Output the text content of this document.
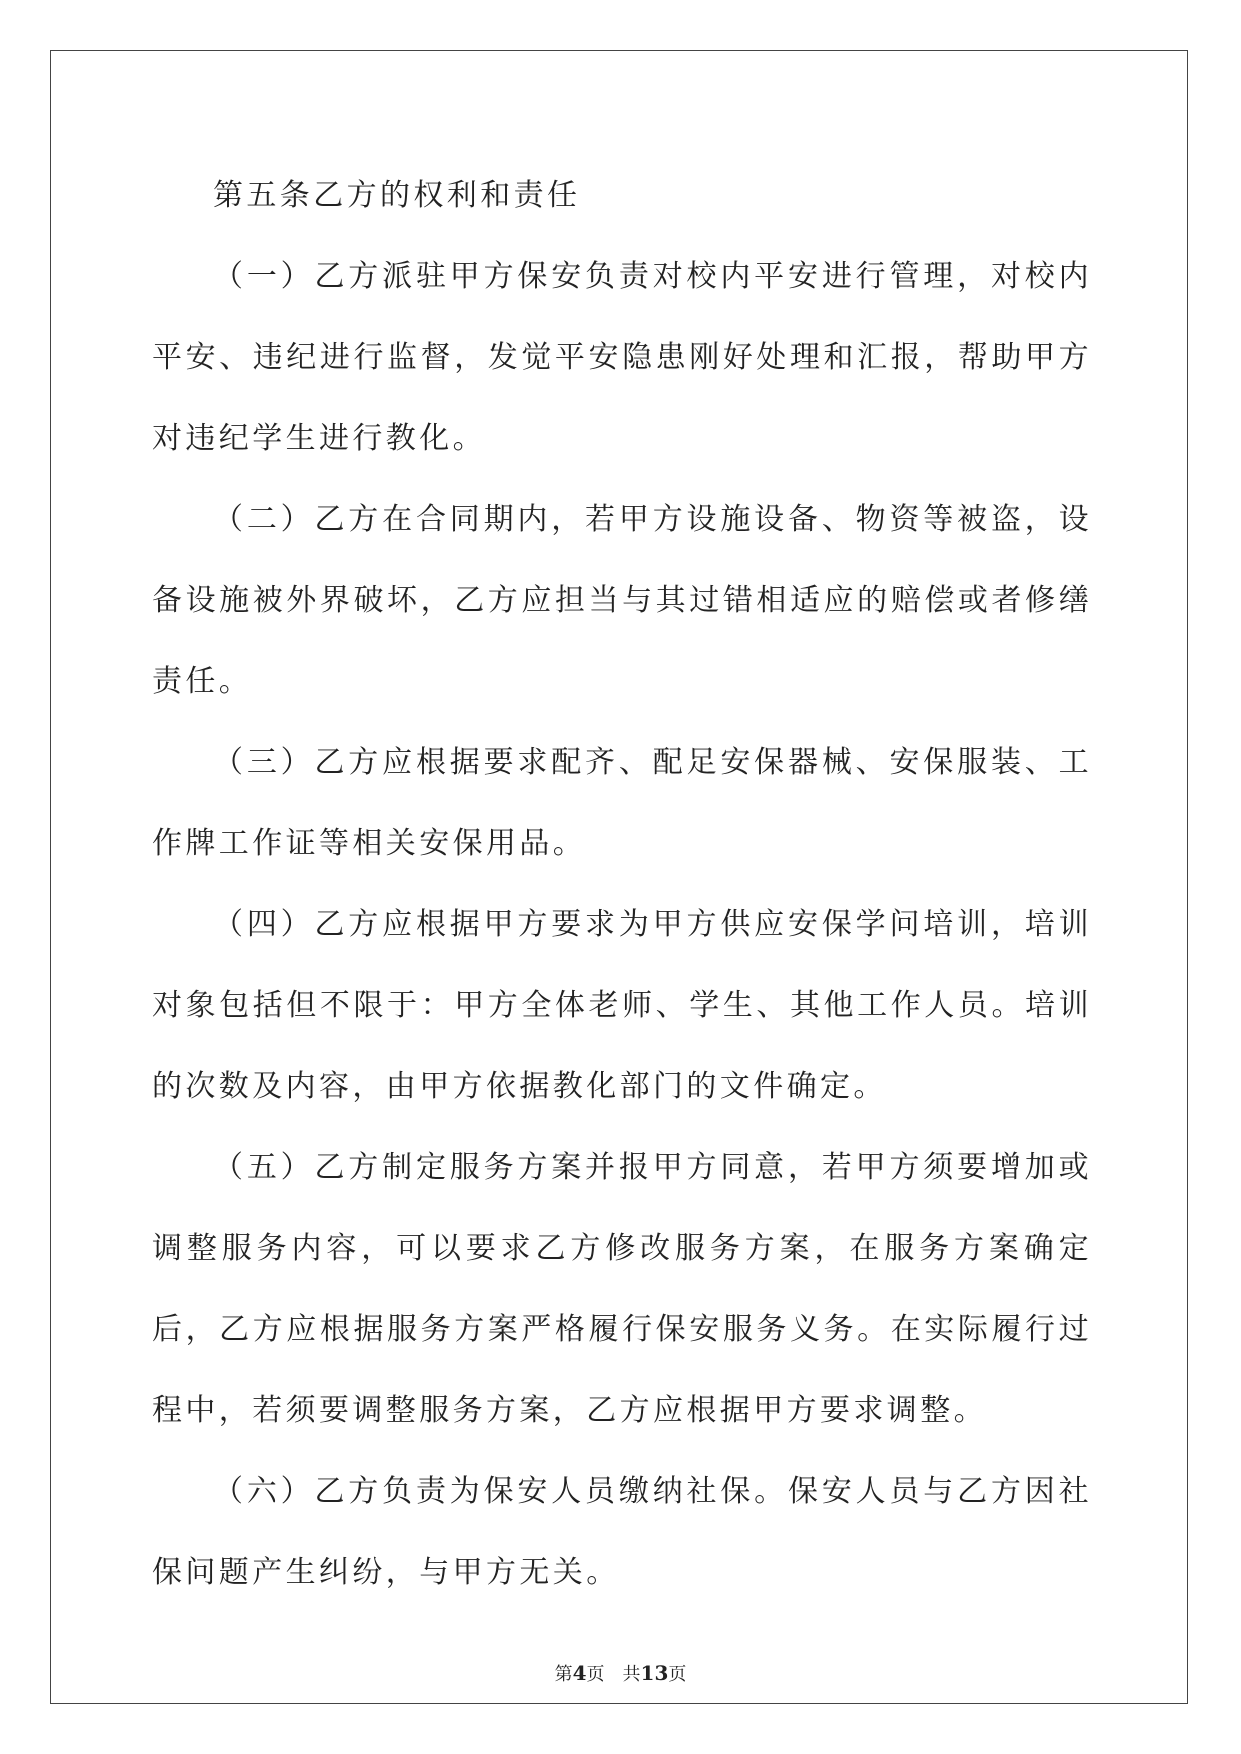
第五条乙方的权利和责任

（一）乙方派驻甲方保安负责对校内平安进行管理，对校内平安、违纪进行监督，发觉平安隐患刚好处理和汇报，帮助甲方对违纪学生进行教化。

（二）乙方在合同期内，若甲方设施设备、物资等被盗，设备设施被外界破坏，乙方应担当与其过错相适应的赔偿或者修缮责任。

（三）乙方应根据要求配齐、配足安保器械、安保服装、工作牌工作证等相关安保用品。

（四）乙方应根据甲方要求为甲方供应安保学问培训，培训对象包括但不限于：甲方全体老师、学生、其他工作人员。培训的次数及内容，由甲方依据教化部门的文件确定。

（五）乙方制定服务方案并报甲方同意，若甲方须要增加或调整服务内容，可以要求乙方修改服务方案，在服务方案确定后，乙方应根据服务方案严格履行保安服务义务。在实际履行过程中，若须要调整服务方案，乙方应根据甲方要求调整。

（六）乙方负责为保安人员缴纳社保。保安人员与乙方因社保问题产生纠纷，与甲方无关。

第4页 共13页
